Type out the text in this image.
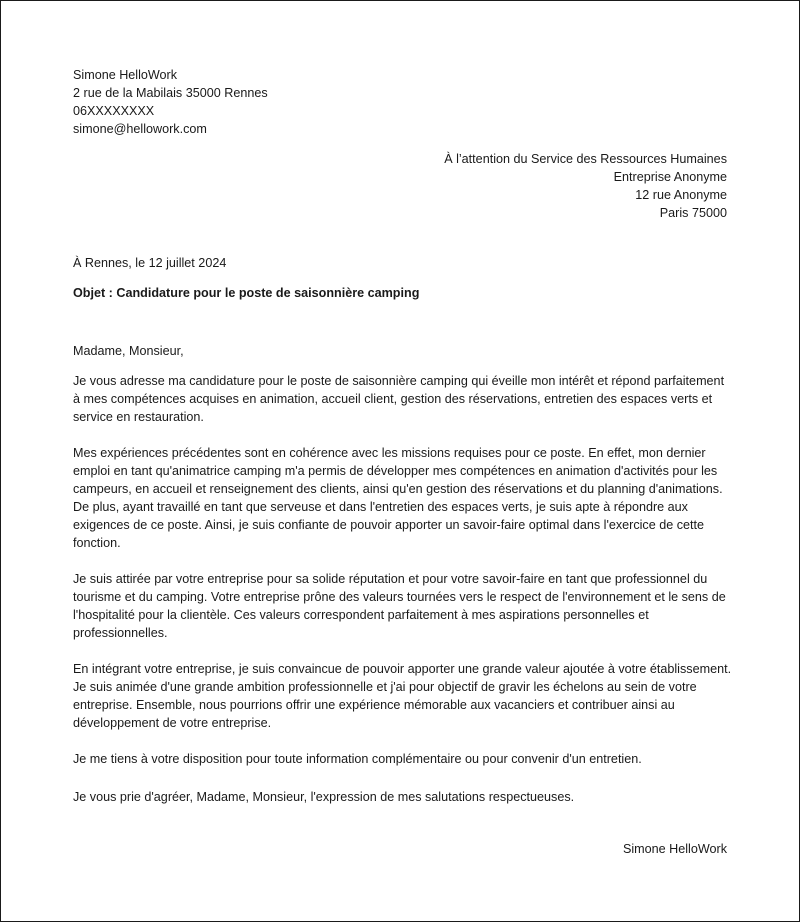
Simone HelloWork
2 rue de la Mabilais 35000 Rennes
06XXXXXXXX
simone@hellowork.com
À l’attention du Service des Ressources Humaines
Entreprise Anonyme
12 rue Anonyme
Paris 75000
À Rennes, le 12 juillet 2024
Objet : Candidature pour le poste de saisonnière camping
Madame, Monsieur,

Je vous adresse ma candidature pour le poste de saisonnière camping qui éveille mon intérêt et répond parfaitement à mes compétences acquises en animation, accueil client, gestion des réservations, entretien des espaces verts et service en restauration.

Mes expériences précédentes sont en cohérence avec les missions requises pour ce poste. En effet, mon dernier emploi en tant qu'animatrice camping m'a permis de développer mes compétences en animation d'activités pour les campeurs, en accueil et renseignement des clients, ainsi qu'en gestion des réservations et du planning d'animations. De plus, ayant travaillé en tant que serveuse et dans l'entretien des espaces verts, je suis apte à répondre aux exigences de ce poste. Ainsi, je suis confiante de pouvoir apporter un savoir-faire optimal dans l'exercice de cette fonction.

Je suis attirée par votre entreprise pour sa solide réputation et pour votre savoir-faire en tant que professionnel du tourisme et du camping. Votre entreprise prône des valeurs tournées vers le respect de l'environnement et le sens de l'hospitalité pour la clientèle. Ces valeurs correspondent parfaitement à mes aspirations personnelles et professionnelles.

En intégrant votre entreprise, je suis convaincue de pouvoir apporter une grande valeur ajoutée à votre établissement. Je suis animée d'une grande ambition professionnelle et j'ai pour objectif de gravir les échelons au sein de votre entreprise. Ensemble, nous pourrions offrir une expérience mémorable aux vacanciers et contribuer ainsi au développement de votre entreprise.

Je me tiens à votre disposition pour toute information complémentaire ou pour convenir d'un entretien.

Je vous prie d'agréer, Madame, Monsieur, l'expression de mes salutations respectueuses.

Simone HelloWork
